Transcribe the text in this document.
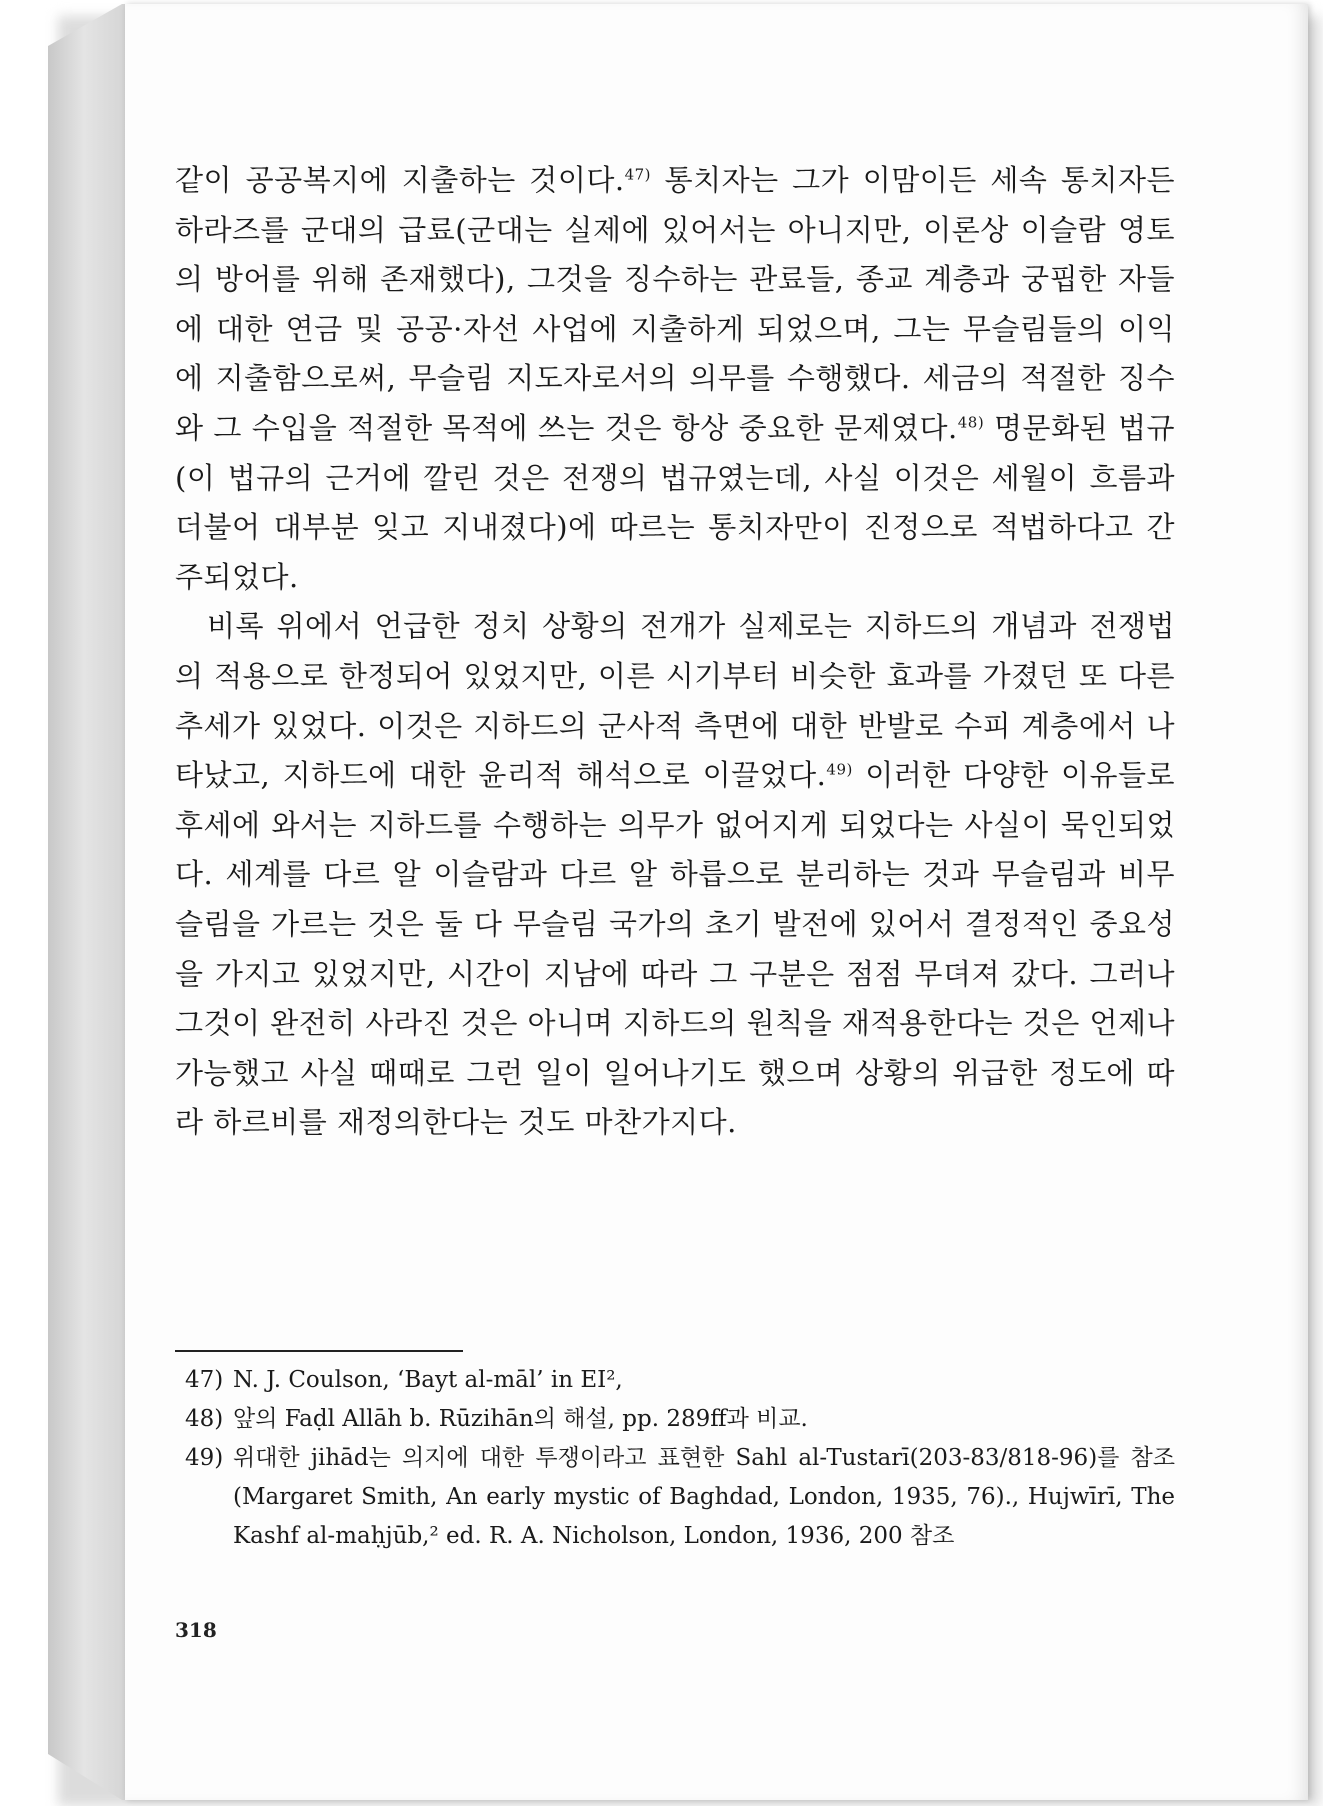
같이 공공복지에 지출하는 것이다.$^{47)}$ 통치자는 그가 이맘이든 세속 통치자든 하라즈를 군대의 급료(군대는 실제에 있어서는 아니지만, 이론상 이슬람 영토의 방어를 위해 존재했다), 그것을 징수하는 관료들, 종교 계층과 궁핍한 자들에 대한 연금 및 공공·자선 사업에 지출하게 되었으며, 그는 무슬림들의 이익에 지출함으로써, 무슬림 지도자로서의 의무를 수행했다. 세금의 적절한 징수와 그 수입을 적절한 목적에 쓰는 것은 항상 중요한 문제였다.$^{48)}$ 명문화된 법규(이 법규의 근거에 깔린 것은 전쟁의 법규였는데, 사실 이것은 세월이 흐름과 더불어 대부분 잊고 지내졌다)에 따르는 통치자만이 진정으로 적법하다고 간주되었다.

비록 위에서 언급한 정치 상황의 전개가 실제로는 지하드의 개념과 전쟁법의 적용으로 한정되어 있었지만, 이른 시기부터 비슷한 효과를 가졌던 또 다른 추세가 있었다. 이것은 지하드의 군사적 측면에 대한 반발로 수피 계층에서 나타났고, 지하드에 대한 윤리적 해석으로 이끌었다.$^{49)}$ 이러한 다양한 이유들로 후세에 와서는 지하드를 수행하는 의무가 없어지게 되었다는 사실이 묵인되었다. 세계를 다르 알 이슬람과 다르 알 하릅으로 분리하는 것과 무슬림과 비무슬림을 가르는 것은 둘 다 무슬림 국가의 초기 발전에 있어서 결정적인 중요성을 가지고 있었지만, 시간이 지남에 따라 그 구분은 점점 무뎌져 갔다. 그러나 그것이 완전히 사라진 것은 아니며 지하드의 원칙을 재적용한다는 것은 언제나 가능했고 사실 때때로 그런 일이 일어나기도 했으며 상황의 위급한 정도에 따라 하르비를 재정의한다는 것도 마찬가지다.

47) N. J. Coulson, ‘Bayt al-māl’ in EI²,
48) 앞의 Faḍl Allāh b. Rūzihān의 해설, pp. 289ff과 비교.
49) 위대한 jihād는 의지에 대한 투쟁이라고 표현한 Sahl al-Tustarī(203-83/818-96)를 참조(Margaret Smith, An early mystic of Baghdad, London, 1935, 76)., Hujwīrī, The Kashf al-maḥjūb,² ed. R. A. Nicholson, London, 1936, 200 참조
318
